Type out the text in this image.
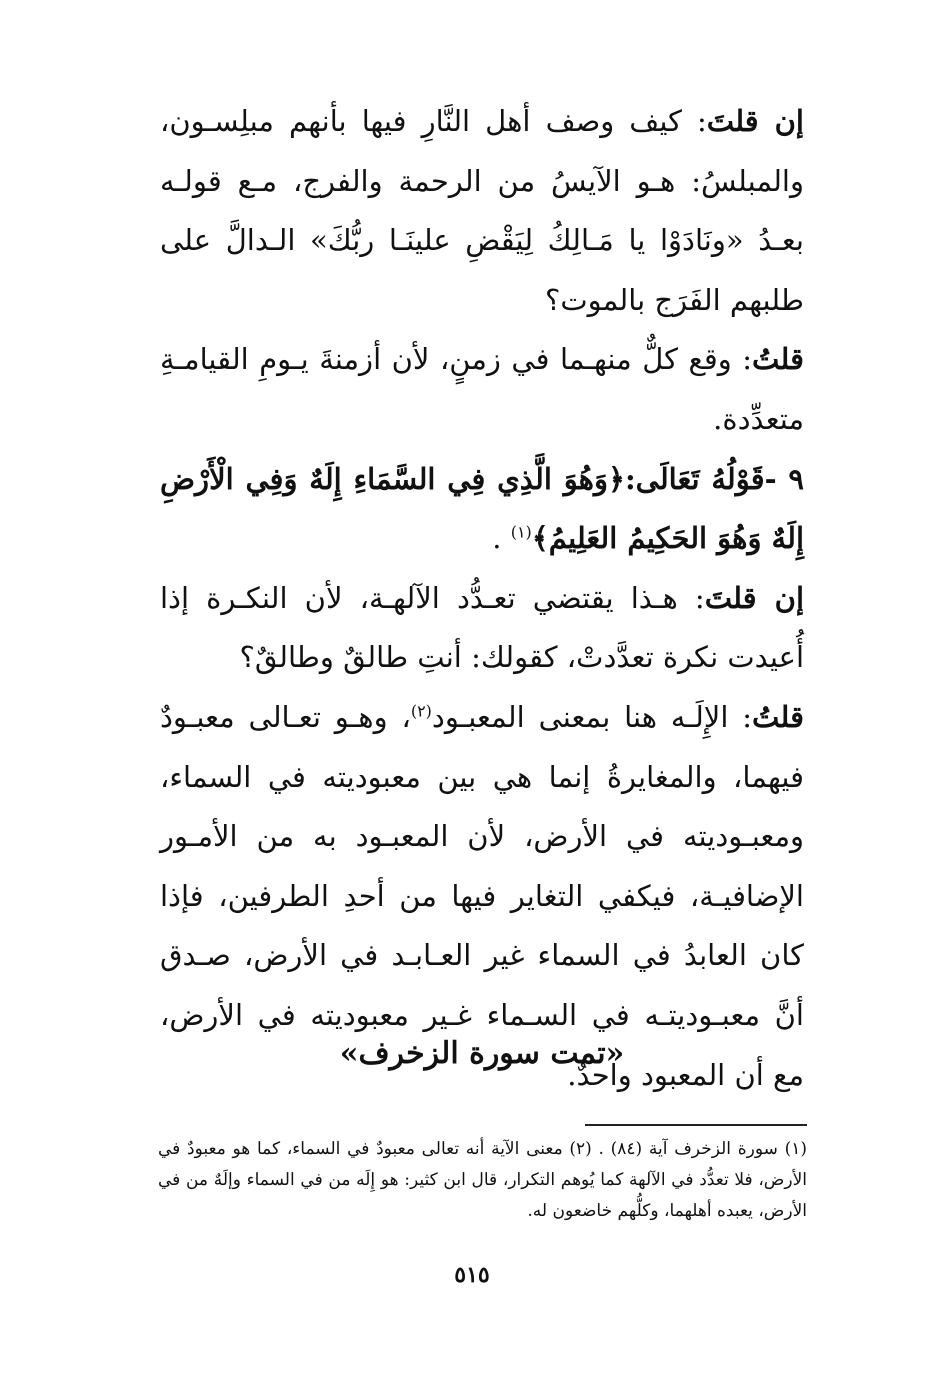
إن قلتَ: كيف وصف أهل النَّارِ فيها بأنهم مبلِسـون، والمبلسُ: هـو الآيسُ من الرحمة والفرج، مـع قولـه بعـدُ «ونَادَوْا يا مَـالِكُ لِيَقْضِ علينَـا ربُّكَ» الـدالَّ على طلبهم الفَرَج بالموت؟

قلتُ: وقع كلٌّ منهـما في زمنٍ، لأن أزمنةَ يـومِ القيامـةِ متعدِّدة.

٩ -قَوْلُهُ تَعَالَى:﴿وَهُوَ الَّذِي فِي السَّمَاءِ إِلَهٌ وَفِي الْأَرْضِ إِلَهٌ وَهُوَ الحَكِيمُ العَلِيمُ﴾$^{(١)}$ .

إن قلتَ: هـذا يقتضي تعـدُّد الآلهـة، لأن النكـرة إذا أُعيدت نكرة تعدَّدتْ، كقولك: أنتِ طالقٌ وطالقٌ؟

قلتُ: الإِلَـه هنا بمعنى المعبـود$^{(٢)}$، وهـو تعـالى معبـودٌ فيهما، والمغايرةُ إنما هي بين معبوديته في السماء، ومعبـوديته في الأرض، لأن المعبـود به من الأمـور الإضافيـة، فيكفي التغاير فيها من أحدِ الطرفين، فإذا كان العابدُ في السماء غير العـابـد في الأرض، صـدق أنَّ معبـوديتـه في السـماء غـير معبوديته في الأرض، مع أن المعبود واحدٌ.

«تمت سورة الزخرف»

(١) سورة الزخرف آية (٨٤) . (٢) معنى الآية أنه تعالى معبودٌ في السماء، كما هو معبودٌ في الأرض، فلا تعدُّد في الآلهة كما يُوهم التكرار، قال ابن كثير: هو إِلَه من في السماء وإلَهٌ من في الأرض، يعبده أهلهما، وكلُّهم خاضعون له.

٥١٥
